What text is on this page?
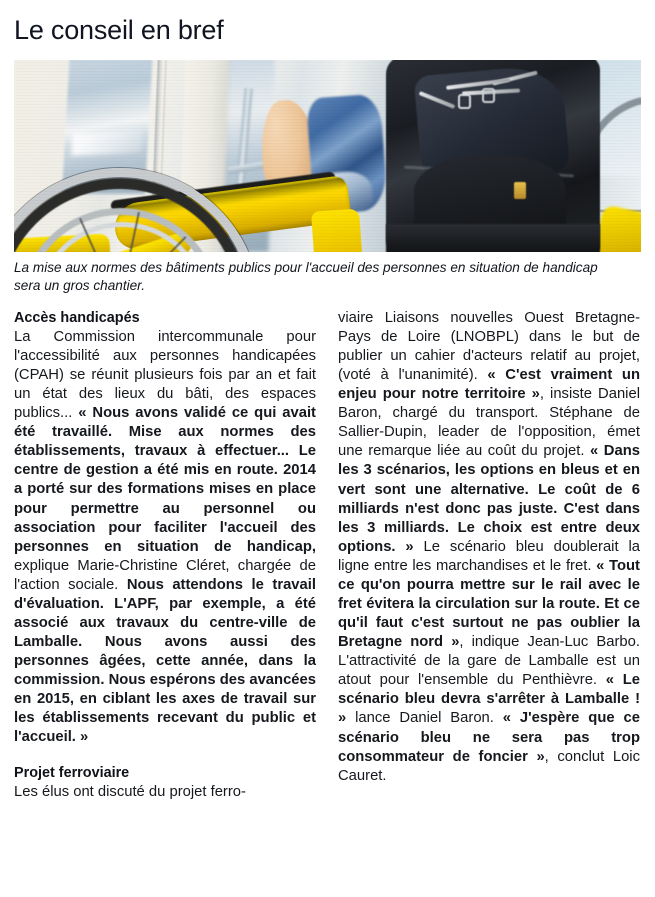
Le conseil en bref
La mise aux normes des bâtiments publics pour l'accueil des personnes en situation de handicap sera un gros chantier.
Accès handicapés

La Commission intercommunale pour l'accessibilité aux personnes handicapées (CPAH) se réunit plusieurs fois par an et fait un état des lieux du bâti, des espaces publics... « Nous avons validé ce qui avait été travaillé. Mise aux normes des établissements, travaux à effectuer... Le centre de gestion a été mis en route. 2014 a porté sur des formations mises en place pour permettre au personnel ou association pour faciliter l'accueil des personnes en situation de handicap, explique Marie-Christine Cléret, chargée de l'action sociale. Nous attendons le travail d'évaluation. L'APF, par exemple, a été associé aux travaux du centre-ville de Lamballe. Nous avons aussi des personnes âgées, cette année, dans la commission. Nous espérons des avancées en 2015, en ciblant les axes de travail sur les établissements recevant du public et l'accueil. »

Projet ferroviaire

Les élus ont discuté du projet ferro-

viaire Liaisons nouvelles Ouest Bretagne-Pays de Loire (LNOBPL) dans le but de publier un cahier d'acteurs relatif au projet, (voté à l'unanimité). « C'est vraiment un enjeu pour notre territoire », insiste Daniel Baron, chargé du transport. Stéphane de Sallier-Dupin, leader de l'opposition, émet une remarque liée au coût du projet. « Dans les 3 scénarios, les options en bleus et en vert sont une alternative. Le coût de 6 milliards n'est donc pas juste. C'est dans les 3 milliards. Le choix est entre deux options. » Le scénario bleu doublerait la ligne entre les marchandises et le fret. « Tout ce qu'on pourra mettre sur le rail avec le fret évitera la circulation sur la route. Et ce qu'il faut c'est surtout ne pas oublier la Bretagne nord », indique Jean-Luc Barbo. L'attractivité de la gare de Lamballe est un atout pour l'ensemble du Penthièvre. « Le scénario bleu devra s'arrêter à Lamballe ! » lance Daniel Baron. « J'espère que ce scénario bleu ne sera pas trop consommateur de foncier », conclut Loic Cauret.
